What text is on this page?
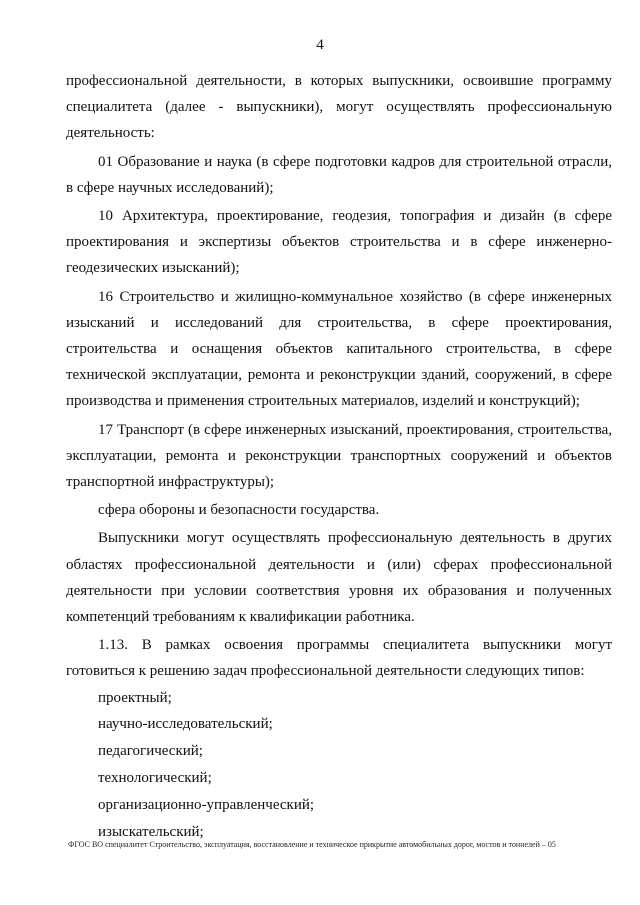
4

профессиональной деятельности, в которых выпускники, освоившие программу специалитета (далее - выпускники), могут осуществлять профессиональную деятельность:

01 Образование и наука (в сфере подготовки кадров для строительной отрасли, в сфере научных исследований);

10 Архитектура, проектирование, геодезия, топография и дизайн (в сфере проектирования и экспертизы объектов строительства и в сфере инженерно-геодезических изысканий);

16 Строительство и жилищно-коммунальное хозяйство (в сфере инженерных изысканий и исследований для строительства, в сфере проектирования, строительства и оснащения объектов капитального строительства, в сфере технической эксплуатации, ремонта и реконструкции зданий, сооружений, в сфере производства и применения строительных материалов, изделий и конструкций);

17 Транспорт (в сфере инженерных изысканий, проектирования, строительства, эксплуатации, ремонта и реконструкции транспортных сооружений и объектов транспортной инфраструктуры);

сфера обороны и безопасности государства.

Выпускники могут осуществлять профессиональную деятельность в других областях профессиональной деятельности и (или) сферах профессиональной деятельности при условии соответствия уровня их образования и полученных компетенций требованиям к квалификации работника.

1.13. В рамках освоения программы специалитета выпускники могут готовиться к решению задач профессиональной деятельности следующих типов:

проектный;

научно-исследовательский;

педагогический;

технологический;

организационно-управленческий;

изыскательский;

ФГОС ВО специалитет Строительство, эксплуатация, восстановление и техническое прикрытие автомобильных дорог, мостов и тоннелей – 05
